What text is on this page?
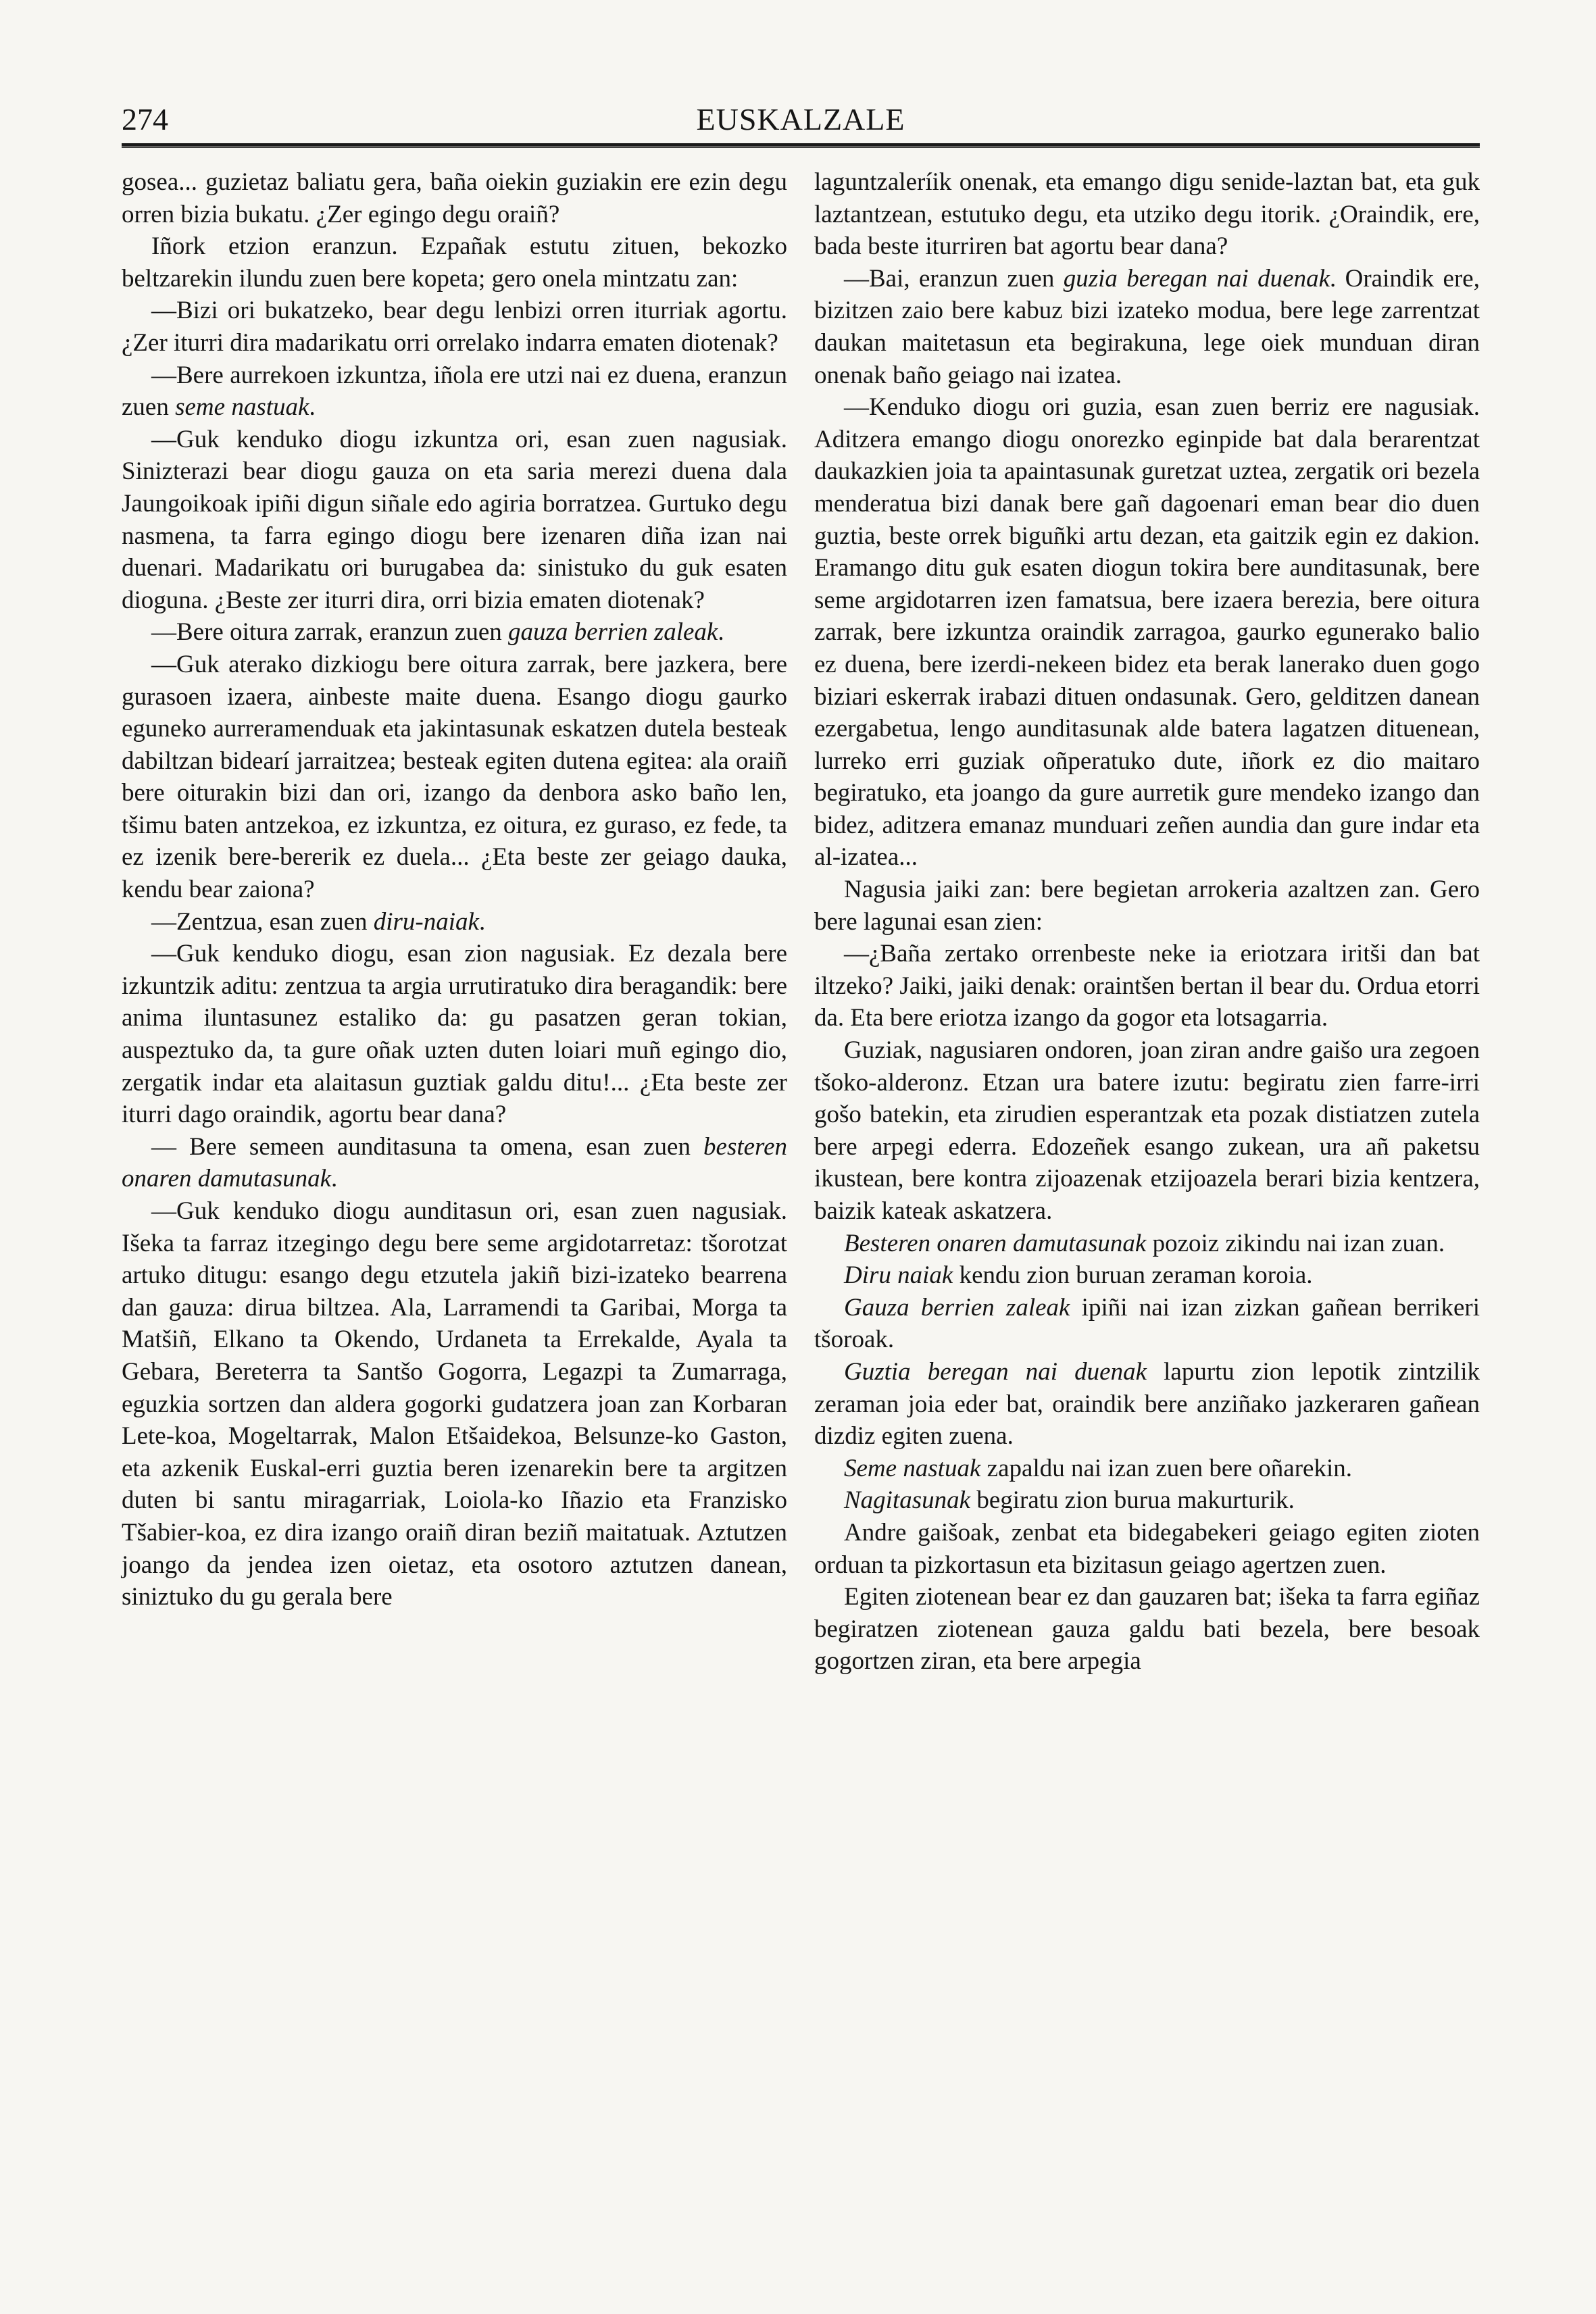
274	EUSKALZALE

gosea... guzietaz baliatu gera, baña oiekin guziakin ere ezin degu orren bizia bukatu. ¿Zer egingo degu oraiñ?

Iñork etzion eranzun. Ezpañak estutu zituen, bekozko beltzarekin ilundu zuen bere kopeta; gero onela mintzatu zan:

—Bizi ori bukatzeko, bear degu lenbizi orren iturriak agortu. ¿Zer iturri dira madarikatu orri orrelako indarra ematen diotenak?

—Bere aurrekoen izkuntza, iñola ere utzi nai ez duena, eranzun zuen seme nastuak.

—Guk kenduko diogu izkuntza ori, esan zuen nagusiak. Sinizterazi bear diogu gauza on eta saria merezi duena dala Jaungoikoak ipiñi digun siñale edo agiria borratzea. Gurtuko degu nasmena, ta farra egingo diogu bere izenaren diña izan nai duenari. Madarikatu ori burugabea da: sinistuko du guk esaten dioguna. ¿Beste zer iturri dira, orri bizia ematen diotenak?

—Bere oitura zarrak, eranzun zuen gauza berrien zaleak.

—Guk aterako dizkiogu bere oitura zarrak, bere jazkera, bere gurasoen izaera, ainbeste maite duena. Esango diogu gaurko eguneko aurreramenduak eta jakintasunak eskatzen dutela besteak dabiltzan bidearí jarraitzea; besteak egiten dutena egitea: ala oraiñ bere oiturakin bizi dan ori, izango da denbora asko baño len, tšimu baten antzekoa, ez izkuntza, ez oitura, ez guraso, ez fede, ta ez izenik bere-bererik ez duela... ¿Eta beste zer geiago dauka, kendu bear zaiona?

—Zentzua, esan zuen diru-naiak.

—Guk kenduko diogu, esan zion nagusiak. Ez dezala bere izkuntzik aditu: zentzua ta argia urrutiratuko dira beragandik: bere anima iluntasunez estaliko da: gu pasatzen geran tokian, auspeztuko da, ta gure oñak uzten duten loiari muñ egingo dio, zergatik indar eta alaitasun guztiak galdu ditu!... ¿Eta beste zer iturri dago oraindik, agortu bear dana?

— Bere semeen aunditasuna ta omena, esan zuen besteren onaren damutasunak.

—Guk kenduko diogu aunditasun ori, esan zuen nagusiak. Išeka ta farraz itzegingo degu bere seme argidotarretaz: tšorotzat artuko ditugu: esango degu etzutela jakiñ bizi-izateko bearrena dan gauza: dirua biltzea. Ala, Larramendi ta Garibai, Morga ta Matšiñ, Elkano ta Okendo, Urdaneta ta Errekalde, Ayala ta Gebara, Bereterra ta Santšo Gogorra, Legazpi ta Zumarraga, eguzkia sortzen dan aldera gogorki gudatzera joan zan Korbaran Lete-koa, Mogeltarrak, Malon Etšaidekoa, Belsunze-ko Gaston, eta azkenik Euskal-erri guztia beren izenarekin bere ta argitzen duten bi santu miragarriak, Loiola-ko Iñazio eta Franzisko Tšabier-koa, ez dira izango oraiñ diran beziñ maitatuak. Aztutzen joango da jendea izen oietaz, eta osotoro aztutzen danean, siniztuko du gu gerala bere

laguntzaleríik onenak, eta emango digu senide-laztan bat, eta guk laztantzean, estutuko degu, eta utziko degu itorik. ¿Oraindik, ere, bada beste iturriren bat agortu bear dana?

—Bai, eranzun zuen guzia beregan nai duenak. Oraindik ere, bizitzen zaio bere kabuz bizi izateko modua, bere lege zarrentzat daukan maitetasun eta begirakuna, lege oiek munduan diran onenak baño geiago nai izatea.

—Kenduko diogu ori guzia, esan zuen berriz ere nagusiak. Aditzera emango diogu onorezko eginpide bat dala berarentzat daukazkien joia ta apaintasunak guretzat uztea, zergatik ori bezela menderatua bizi danak bere gañ dagoenari eman bear dio duen guztia, beste orrek biguñki artu dezan, eta gaitzik egin ez dakion. Eramango ditu guk esaten diogun tokira bere aunditasunak, bere seme argidotarren izen famatsua, bere izaera berezia, bere oitura zarrak, bere izkuntza oraindik zarragoa, gaurko egunerako balio ez duena, bere izerdi-nekeen bidez eta berak lanerako duen gogo biziari eskerrak irabazi dituen ondasunak. Gero, gelditzen danean ezergabetua, lengo aunditasunak alde batera lagatzen dituenean, lurreko erri guziak oñperatuko dute, iñork ez dio maitaro begiratuko, eta joango da gure aurretik gure mendeko izango dan bidez, aditzera emanaz munduari zeñen aundia dan gure indar eta al-izatea...

Nagusia jaiki zan: bere begietan arrokeria azaltzen zan. Gero bere lagunai esan zien:

—¿Baña zertako orrenbeste neke ia eriotzara iritši dan bat iltzeko? Jaiki, jaiki denak: oraintšen bertan il bear du. Ordua etorri da. Eta bere eriotza izango da gogor eta lotsagarria.

Guziak, nagusiaren ondoren, joan ziran andre gaišo ura zegoen tšoko-alderonz. Etzan ura batere izutu: begiratu zien farre-irri gošo batekin, eta zirudien esperantzak eta pozak distiatzen zutela bere arpegi ederra. Edozeñek esango zukean, ura añ paketsu ikustean, bere kontra zijoazenak etzijoazela berari bizia kentzera, baizik kateak askatzera.

Besteren onaren damutasunak pozoiz zikindu nai izan zuan.

Diru naiak kendu zion buruan zeraman koroia.

Gauza berrien zaleak ipiñi nai izan zizkan gañean berrikeri tšoroak.

Guztia beregan nai duenak lapurtu zion lepotik zintzilik zeraman joia eder bat, oraindik bere anziñako jazkeraren gañean dizdiz egiten zuena.

Seme nastuak zapaldu nai izan zuen bere oñarekin.

Nagitasunak begiratu zion burua makurturik.

Andre gaišoak, zenbat eta bidegabekeri geiago egiten zioten orduan ta pizkortasun eta bizitasun geiago agertzen zuen.

Egiten ziotenean bear ez dan gauzaren bat; išeka ta farra egiñaz begiratzen ziotenean gauza galdu bati bezela, bere besoak gogortzen ziran, eta bere arpegia
